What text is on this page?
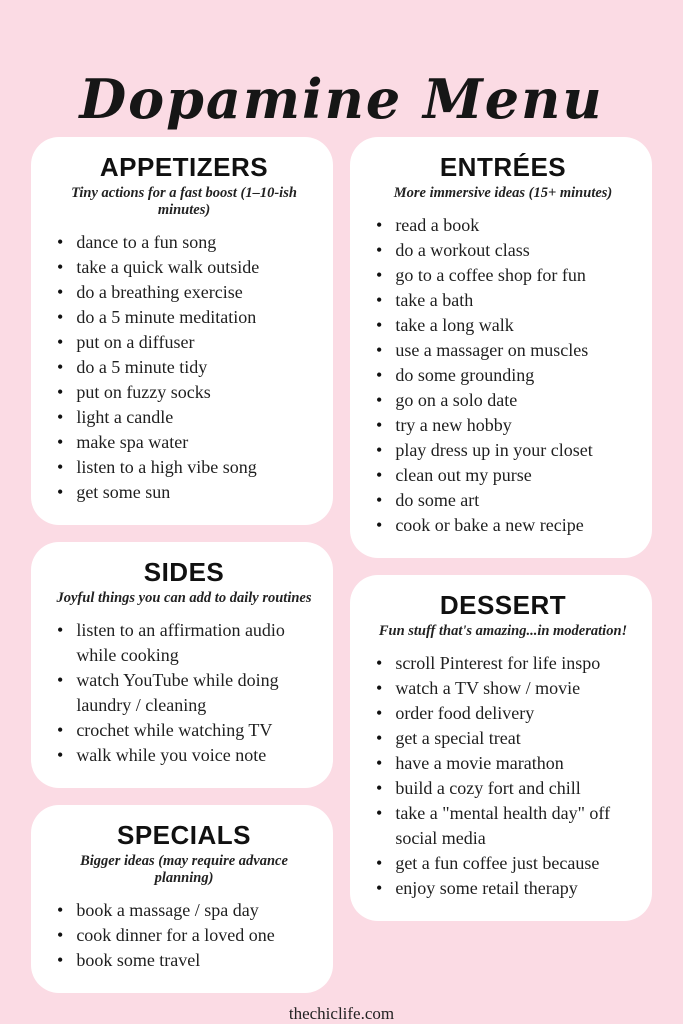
Dopamine Menu
APPETIZERS

Tiny actions for a fast boost (1–10-ish minutes)

• dance to a fun song
• take a quick walk outside
• do a breathing exercise
• do a 5 minute meditation
• put on a diffuser
• do a 5 minute tidy
• put on fuzzy socks
• light a candle
• make spa water
• listen to a high vibe song
• get some sun
SIDES

Joyful things you can add to daily routines

• listen to an affirmation audio while cooking
• watch YouTube while doing laundry / cleaning
• crochet while watching TV
• walk while you voice note
SPECIALS

Bigger ideas (may require advance planning)

• book a massage / spa day
• cook dinner for a loved one
• book some travel
ENTRÉES

More immersive ideas (15+ minutes)

• read a book
• do a workout class
• go to a coffee shop for fun
• take a bath
• take a long walk
• use a massager on muscles
• do some grounding
• go on a solo date
• try a new hobby
• play dress up in your closet
• clean out my purse
• do some art
• cook or bake a new recipe
DESSERT

Fun stuff that's amazing...in moderation!

• scroll Pinterest for life inspo
• watch a TV show / movie
• order food delivery
• get a special treat
• have a movie marathon
• build a cozy fort and chill
• take a "mental health day" off social media
• get a fun coffee just because
• enjoy some retail therapy
thechiclife.com
